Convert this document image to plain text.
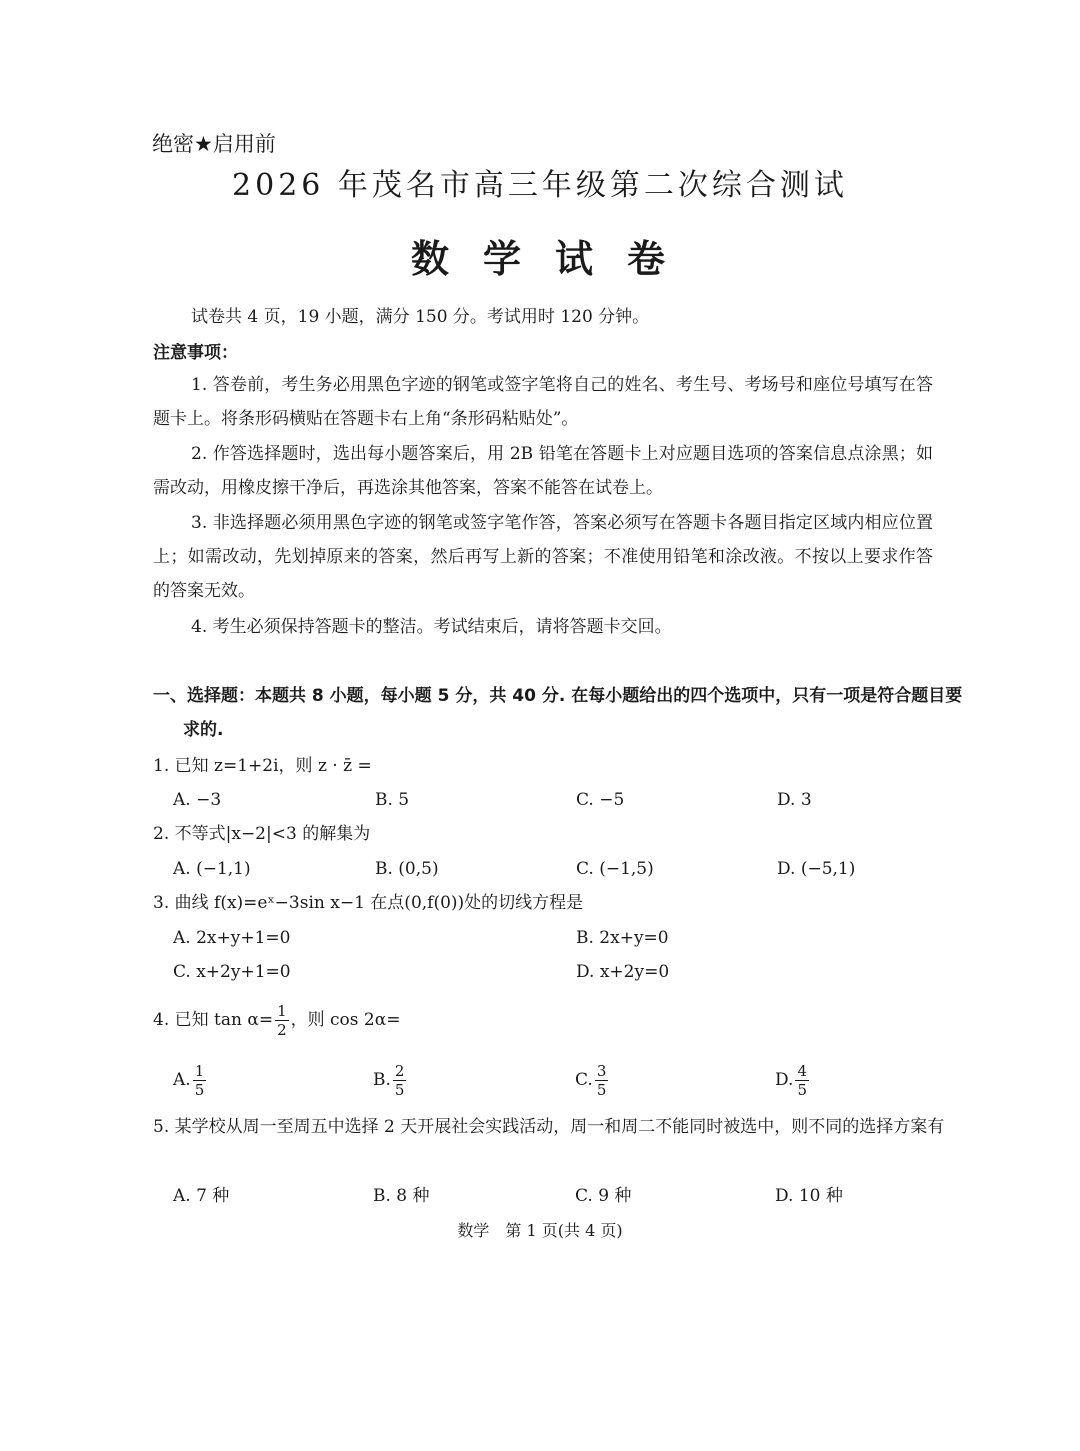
绝密★启用前
2026 年茂名市高三年级第二次综合测试
数学试卷
试卷共 4 页，19 小题，满分 150 分。考试用时 120 分钟。
注意事项：
1. 答卷前，考生务必用黑色字迹的钢笔或签字笔将自己的姓名、考生号、考场号和座位号填写在答题卡上。将条形码横贴在答题卡右上角“条形码粘贴处”。
2. 作答选择题时，选出每小题答案后，用 2B 铅笔在答题卡上对应题目选项的答案信息点涂黑；如需改动，用橡皮擦干净后，再选涂其他答案，答案不能答在试卷上。
3. 非选择题必须用黑色字迹的钢笔或签字笔作答，答案必须写在答题卡各题目指定区域内相应位置上；如需改动，先划掉原来的答案，然后再写上新的答案；不准使用铅笔和涂改液。不按以上要求作答的答案无效。
4. 考生必须保持答题卡的整洁。考试结束后，请将答题卡交回。
一、选择题：本题共 8 小题，每小题 5 分，共 40 分. 在每小题给出的四个选项中，只有一项是符合题目要求的.
1. 已知 z=1+2i，则 z · z̄ =
A. −3	B. 5	C. −5	D. 3
2. 不等式|x−2|<3 的解集为
A. (−1,1)	B. (0,5)	C. (−1,5)	D. (−5,1)
3. 曲线 f(x)=eˣ−3sin x−1 在点(0,f(0))处的切线方程是
A. 2x+y+1=0	B. 2x+y=0
C. x+2y+1=0	D. x+2y=0
4. 已知 $\tan \alpha= \frac{1}{2}$ ，则 cos 2α=
A. $\frac{1}{5}$	B. $\frac{2}{5}$	C. $\frac{3}{5}$	D. $\frac{4}{5}$
5. 某学校从周一至周五中选择 2 天开展社会实践活动，周一和周二不能同时被选中，则不同的选择方案有
A. 7 种	B. 8 种	C. 9 种	D. 10 种
数学　第 1 页(共 4 页)
